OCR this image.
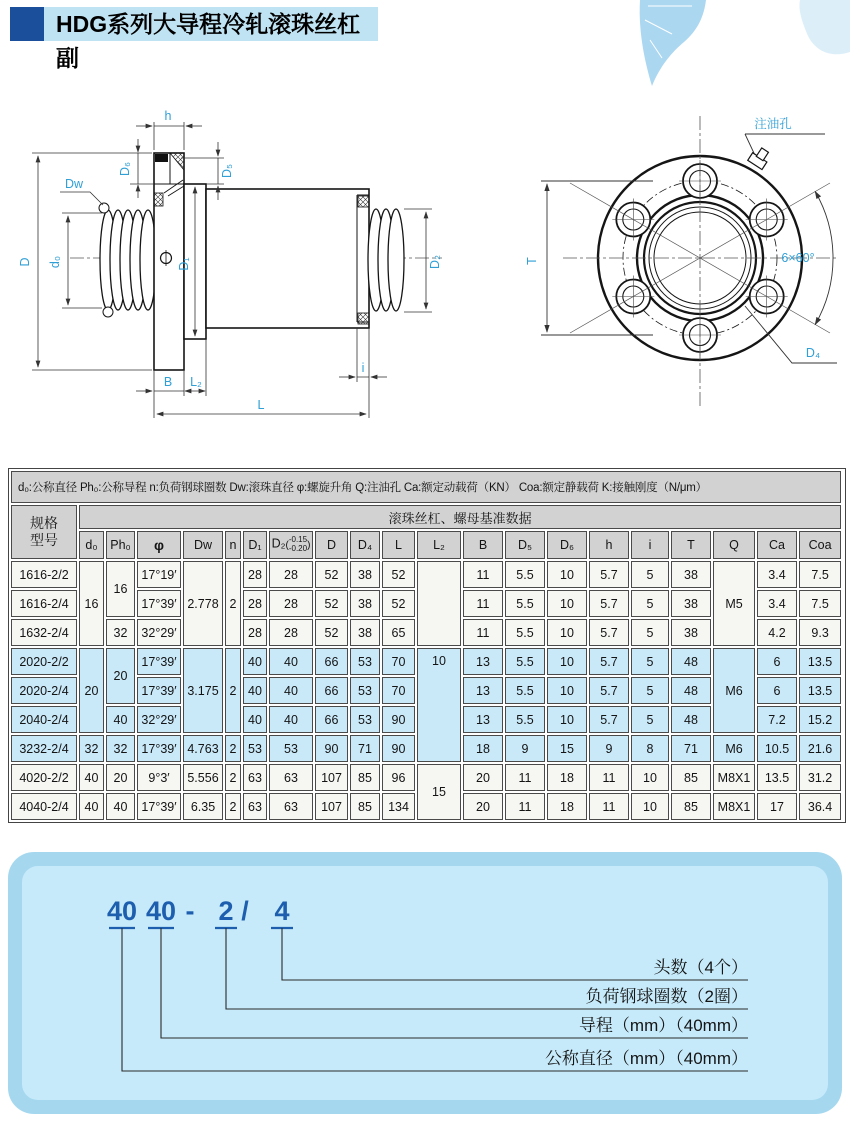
HDG系列大导程冷轧滚珠丝杠副
D d₀
Dw
h
D₆	D₅
D₁	D₂
B L₂
i
L
注油孔
T	6×60°
D₄
d₀:公称直径 Ph₀:公称导程 n:负荷钢球圈数 Dw:滚珠直径 φ:螺旋升角 Q:注油孔 Ca:额定动载荷（KN） Coa:额定静载荷 K:接触刚度（N/μm）																				

规格
型号	滚珠丝杠、螺母基准数据																			
	d₀	Ph₀	φ	Dw	n	D₁	D₂ ( -0.15
-0.20 )	D	D₄	L	L₂	B	D₅	D₆	h	i	T	Q	Ca	Coa
1616-2/2	16	16	17°19′	2.778	2	28	28	52	38	52		11	5.5	10	5.7	5	38	M5	3.4	7.5
1616-2/4			17°39′			28	28	52	38	52		11	5.5	10	5.7	5	38		3.4	7.5
1632-2/4		32	32°29′			28	28	52	38	65		11	5.5	10	5.7	5	38		4.2	9.3
2020-2/2	20	20	17°39′	3.175	2	40	40	66	53	70	10	13	5.5	10	5.7	5	48	M6	6	13.5
2020-2/4			17°39′			40	40	66	53	70		13	5.5	10	5.7	5	48		6	13.5
2040-2/4		40	32°29′			40	40	66	53	90		13	5.5	10	5.7	5	48		7.2	15.2
3232-2/4	32	32	17°39′	4.763	2	53	53	90	71	90		18	9	15	9	8	71	M6	10.5	21.6
4020-2/2	40	20	9°3′	5.556	2	63	63	107	85	96	15	20	11	18	11	10	85	M8X1	13.5	31.2
4040-2/4	40	40	17°39′	6.35	2	63	63	107	85	134		20	11	18	11	10	85	M8X1	17	36.4
40 40 - 2 / 4
头数（4个）
负荷钢球圈数（2圈）
导程（mm）（40mm）
公称直径（mm）（40mm）
